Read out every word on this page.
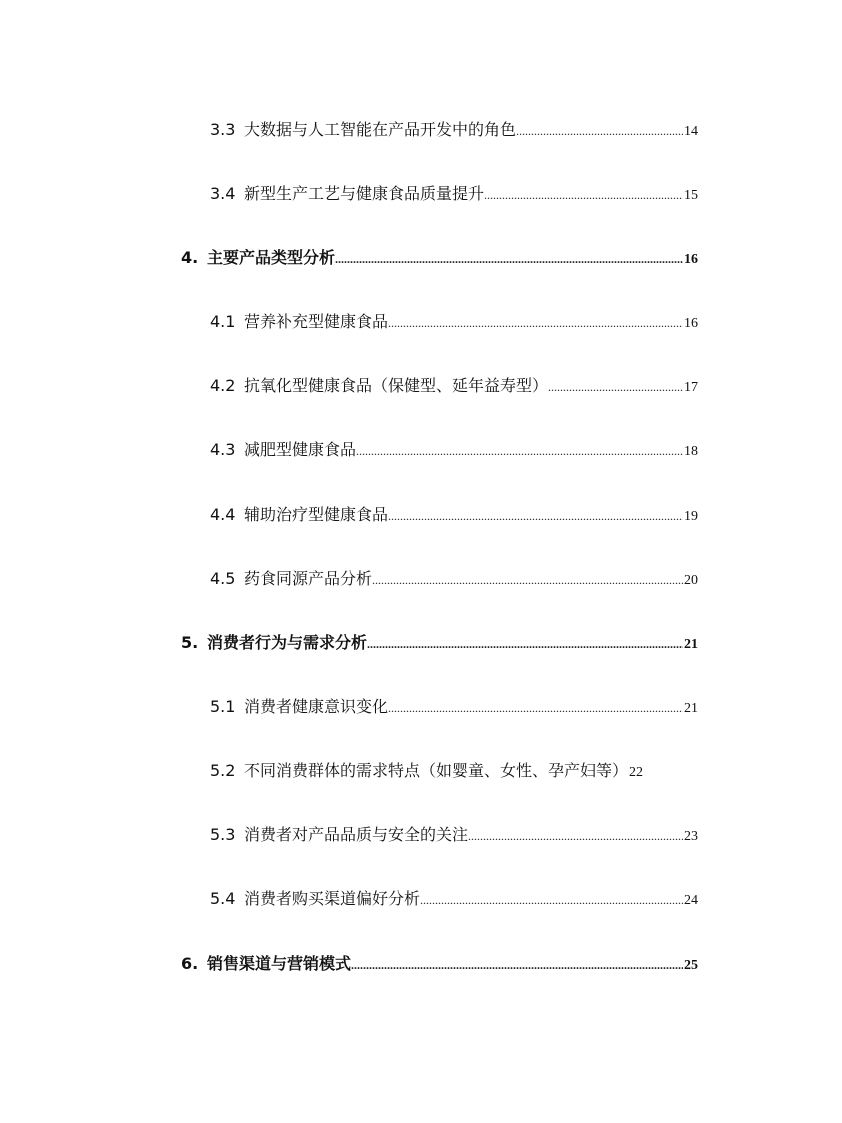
3.3 大数据与人工智能在产品开发中的角色 .....	14
3.4 新型生产工艺与健康食品质量提升 .....	15
4. 主要产品类型分析 .....	16
4.1 营养补充型健康食品 .....	16
4.2 抗氧化型健康食品（保健型、延年益寿型） .....	17
4.3 减肥型健康食品 .....	18
4.4 辅助治疗型健康食品 .....	19
4.5 药食同源产品分析 .....	20
5. 消费者行为与需求分析 .....	21
5.1 消费者健康意识变化 .....	21
5.2 不同消费群体的需求特点（如婴童、女性、孕产妇等） 22
5.3 消费者对产品品质与安全的关注 .....	23
5.4 消费者购买渠道偏好分析 .....	24
6. 销售渠道与营销模式 .....	25
